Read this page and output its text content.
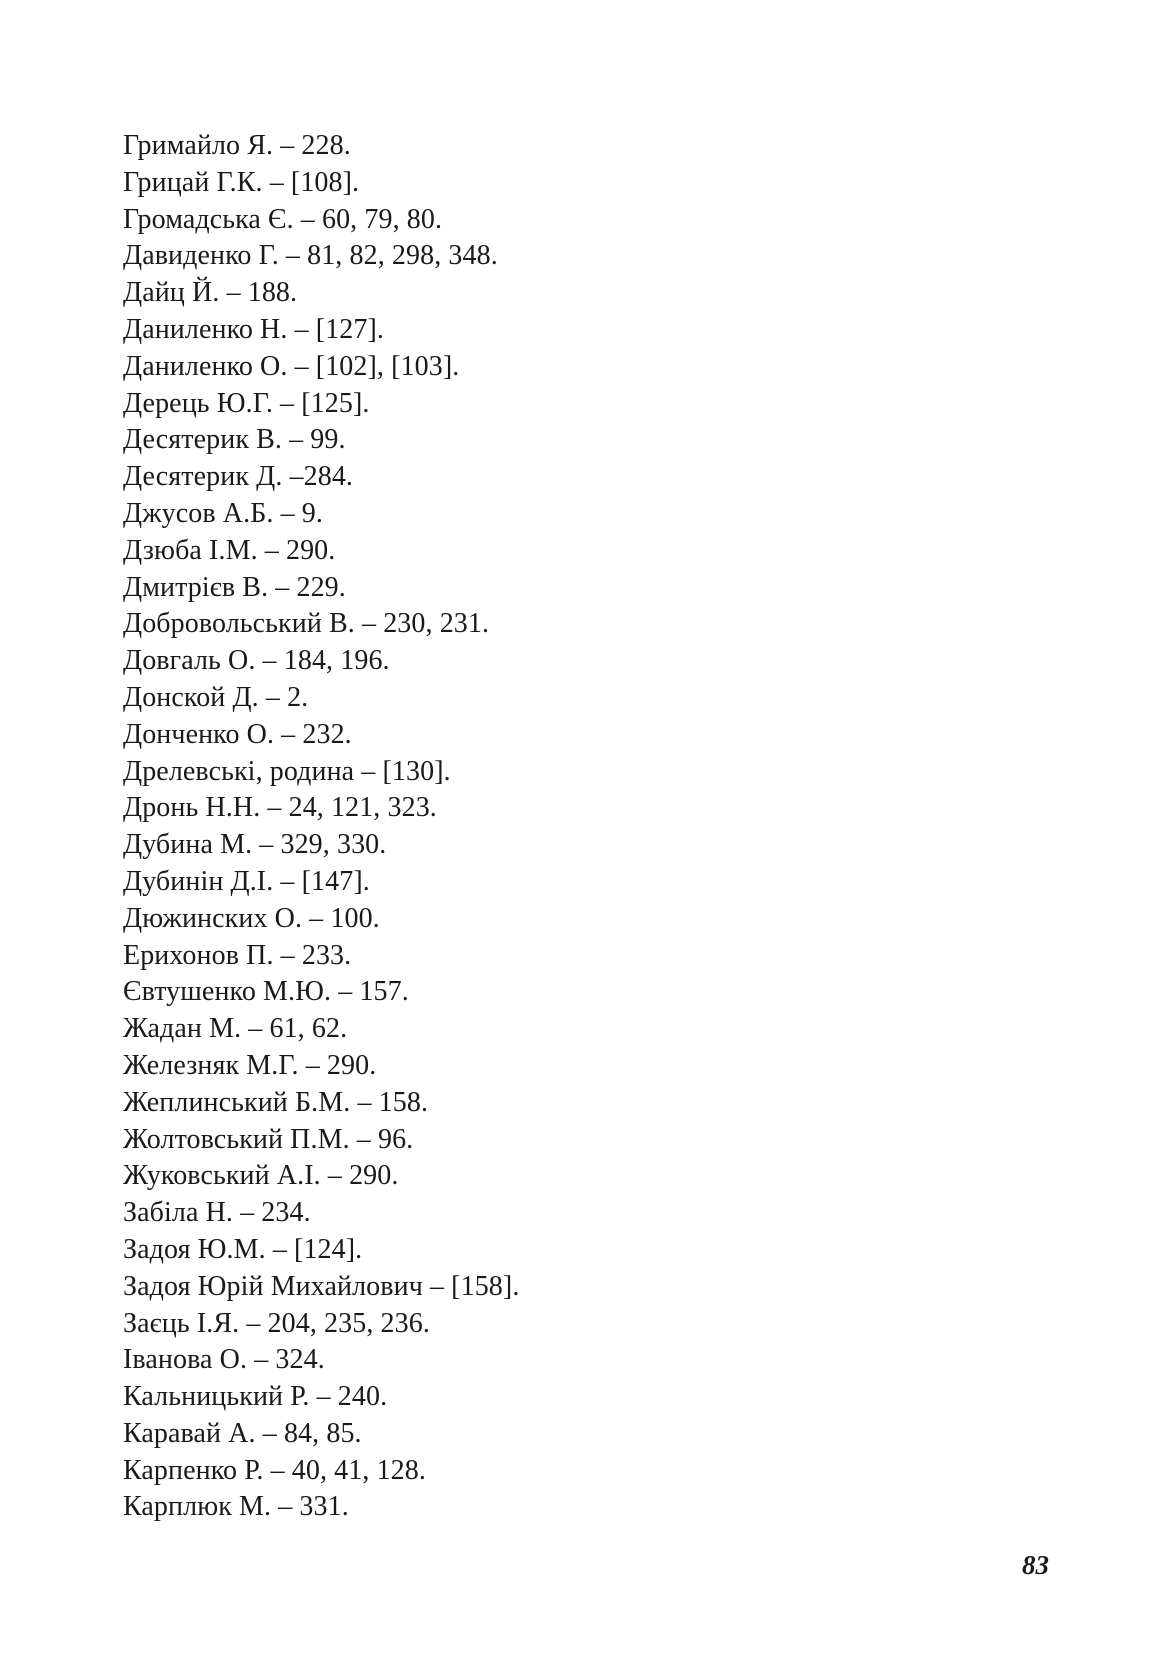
Гримайло Я. – 228.
Грицай Г.К. – [108].
Громадська Є. – 60, 79, 80.
Давиденко Г. – 81, 82, 298, 348.
Дайц Й. – 188.
Даниленко Н. – [127].
Даниленко О. – [102], [103].
Дерець Ю.Г. – [125].
Десятерик В. – 99.
Десятерик Д. –284.
Джусов А.Б. – 9.
Дзюба І.М. – 290.
Дмитрієв В. – 229.
Добровольський В. – 230, 231.
Довгаль О. – 184, 196.
Донской Д. – 2.
Донченко О. – 232.
Дрелевські, родина – [130].
Дронь Н.Н. – 24, 121, 323.
Дубина М. – 329, 330.
Дубинін Д.І. – [147].
Дюжинских О. – 100.
Ерихонов П. – 233.
Євтушенко М.Ю. – 157.
Жадан М. – 61, 62.
Железняк М.Г. – 290.
Жеплинський Б.М. – 158.
Жолтовський П.М. – 96.
Жуковський А.І. – 290.
Забіла Н. – 234.
Задоя Ю.М. – [124].
Задоя Юрій Михайлович – [158].
Заєць І.Я. – 204, 235, 236.
Іванова О. – 324.
Кальницький Р. – 240.
Каравай А. – 84, 85.
Карпенко Р. – 40, 41, 128.
Карплюк М. – 331.
83
